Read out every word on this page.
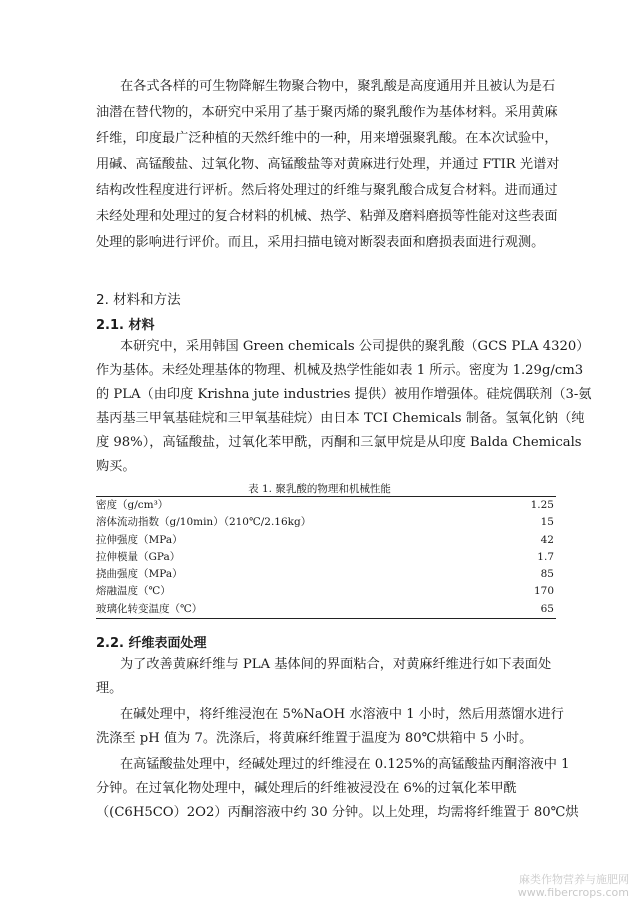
在各式各样的可生物降解生物聚合物中，聚乳酸是高度通用并且被认为是石
油潜在替代物的，本研究中采用了基于聚丙烯的聚乳酸作为基体材料。采用黄麻
纤维，印度最广泛种植的天然纤维中的一种，用来增强聚乳酸。在本次试验中，
用碱、高锰酸盐、过氧化物、高锰酸盐等对黄麻进行处理，并通过 FTIR 光谱对
结构改性程度进行评析。然后将处理过的纤维与聚乳酸合成复合材料。进而通过
未经处理和处理过的复合材料的机械、热学、粘弹及磨料磨损等性能对这些表面
处理的影响进行评价。而且，采用扫描电镜对断裂表面和磨损表面进行观测。
2. 材料和方法
2.1. 材料
本研究中，采用韩国 Green chemicals 公司提供的聚乳酸（GCS PLA 4320）
作为基体。未经处理基体的物理、机械及热学性能如表 1 所示。密度为 1.29g/cm3
的 PLA（由印度 Krishna jute industries 提供）被用作增强体。硅烷偶联剂（3-氨
基丙基三甲氧基硅烷和三甲氧基硅烷）由日本 TCI Chemicals 制备。氢氧化钠（纯
度 98%），高锰酸盐，过氧化苯甲酰，丙酮和三氯甲烷是从印度 Balda Chemicals
购买。
表 1. 聚乳酸的物理和机械性能
密度（g/cm³）	1.25
溶体流动指数（g/10min）（210℃/2.16kg）	15
拉伸强度（MPa）	42
拉伸模量（GPa）	1.7
挠曲强度（MPa）	85
熔融温度（℃）	170
玻璃化转变温度（℃）	65
2.2. 纤维表面处理
为了改善黄麻纤维与 PLA 基体间的界面粘合，对黄麻纤维进行如下表面处
理。
在碱处理中，将纤维浸泡在 5%NaOH 水溶液中 1 小时，然后用蒸馏水进行
洗涤至 pH 值为 7。洗涤后，将黄麻纤维置于温度为 80℃烘箱中 5 小时。
在高锰酸盐处理中，经碱处理过的纤维浸在 0.125%的高锰酸盐丙酮溶液中 1
分钟。在过氧化物处理中，碱处理后的纤维被浸没在 6%的过氧化苯甲酰
（(C6H5CO）2O2）丙酮溶液中约 30 分钟。以上处理，均需将纤维置于 80℃烘
麻类作物营养与施肥网
www.fibercrops.com
